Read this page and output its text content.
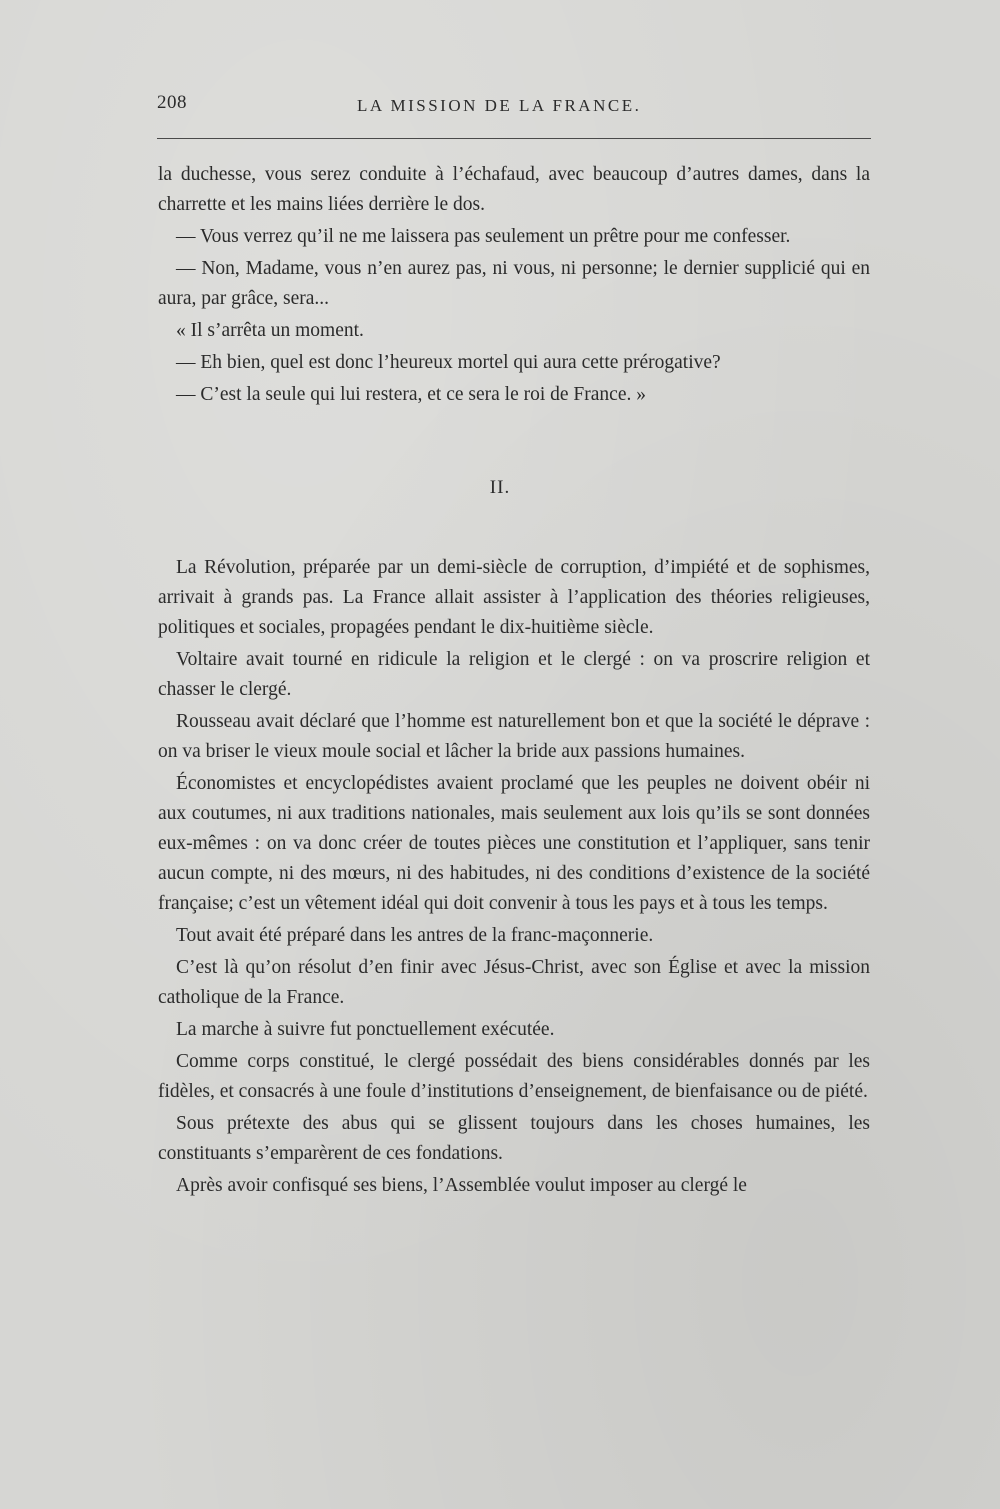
208	LA MISSION DE LA FRANCE.

la duchesse, vous serez conduite à l’échafaud, avec beaucoup d’autres dames, dans la charrette et les mains liées derrière le dos.

— Vous verrez qu’il ne me laissera pas seulement un prêtre pour me confesser.

— Non, Madame, vous n’en aurez pas, ni vous, ni personne; le dernier supplicié qui en aura, par grâce, sera...

« Il s’arrêta un moment.

— Eh bien, quel est donc l’heureux mortel qui aura cette prérogative?

— C’est la seule qui lui restera, et ce sera le roi de France. »

II.

La Révolution, préparée par un demi-siècle de corruption, d’impiété et de sophismes, arrivait à grands pas. La France allait assister à l’application des théories religieuses, politiques et sociales, propagées pendant le dix-huitième siècle.

Voltaire avait tourné en ridicule la religion et le clergé : on va proscrire religion et chasser le clergé.

Rousseau avait déclaré que l’homme est naturellement bon et que la société le déprave : on va briser le vieux moule social et lâcher la bride aux passions humaines.

Économistes et encyclopédistes avaient proclamé que les peuples ne doivent obéir ni aux coutumes, ni aux traditions nationales, mais seulement aux lois qu’ils se sont données eux-mêmes : on va donc créer de toutes pièces une constitution et l’appliquer, sans tenir aucun compte, ni des mœurs, ni des habitudes, ni des conditions d’existence de la société française; c’est un vêtement idéal qui doit convenir à tous les pays et à tous les temps.

Tout avait été préparé dans les antres de la franc-maçonnerie.

C’est là qu’on résolut d’en finir avec Jésus-Christ, avec son Église et avec la mission catholique de la France.

La marche à suivre fut ponctuellement exécutée.

Comme corps constitué, le clergé possédait des biens considérables donnés par les fidèles, et consacrés à une foule d’institutions d’enseignement, de bienfaisance ou de piété.

Sous prétexte des abus qui se glissent toujours dans les choses humaines, les constituants s’emparèrent de ces fondations.

Après avoir confisqué ses biens, l’Assemblée voulut imposer au clergé le
